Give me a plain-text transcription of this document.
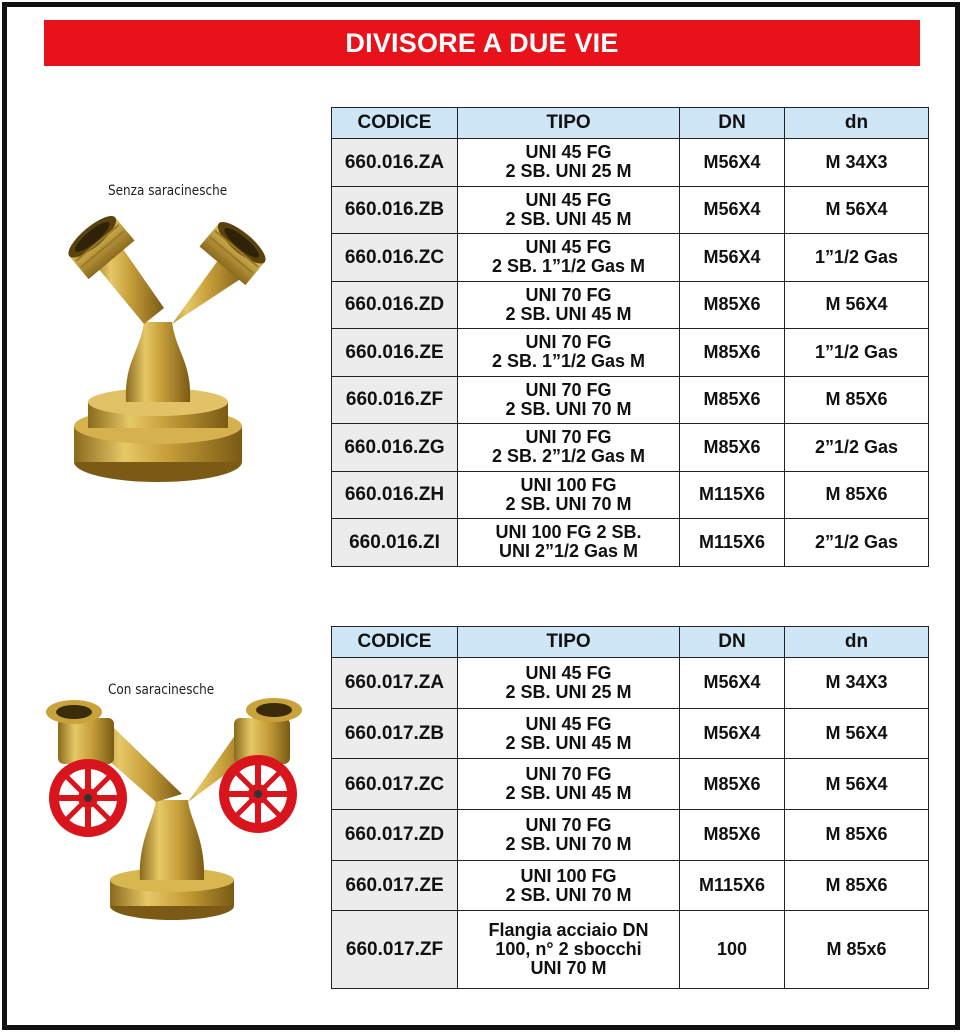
DIVISORE A DUE VIE
Senza saracinesche
Con saracinesche
CODICE	TIPO	DN	dn
660.016.ZA	UNI 45 FG
2 SB. UNI 25 M	M56X4	M 34X3
660.016.ZB	UNI 45 FG
2 SB. UNI 45 M	M56X4	M 56X4
660.016.ZC	UNI 45 FG
2 SB. 1”1/2 Gas M	M56X4	1”1/2 Gas
660.016.ZD	UNI 70 FG
2 SB. UNI 45 M	M85X6	M 56X4
660.016.ZE	UNI 70 FG
2 SB. 1”1/2 Gas M	M85X6	1”1/2 Gas
660.016.ZF	UNI 70 FG
2 SB. UNI 70 M	M85X6	M 85X6
660.016.ZG	UNI 70 FG
2 SB. 2”1/2 Gas M	M85X6	2”1/2 Gas
660.016.ZH	UNI 100 FG
2 SB. UNI 70 M	M115X6	M 85X6
660.016.ZI	UNI 100 FG 2 SB.
UNI 2”1/2 Gas M	M115X6	2”1/2 Gas
CODICE	TIPO	DN	dn
660.017.ZA	UNI 45 FG
2 SB. UNI 25 M	M56X4	M 34X3
660.017.ZB	UNI 45 FG
2 SB. UNI 45 M	M56X4	M 56X4
660.017.ZC	UNI 70 FG
2 SB. UNI 45 M	M85X6	M 56X4
660.017.ZD	UNI 70 FG
2 SB. UNI 70 M	M85X6	M 85X6
660.017.ZE	UNI 100 FG
2 SB. UNI 70 M	M115X6	M 85X6
660.017.ZF	Flangia acciaio DN
100, n° 2 sbocchi
UNI 70 M	100	M 85x6
